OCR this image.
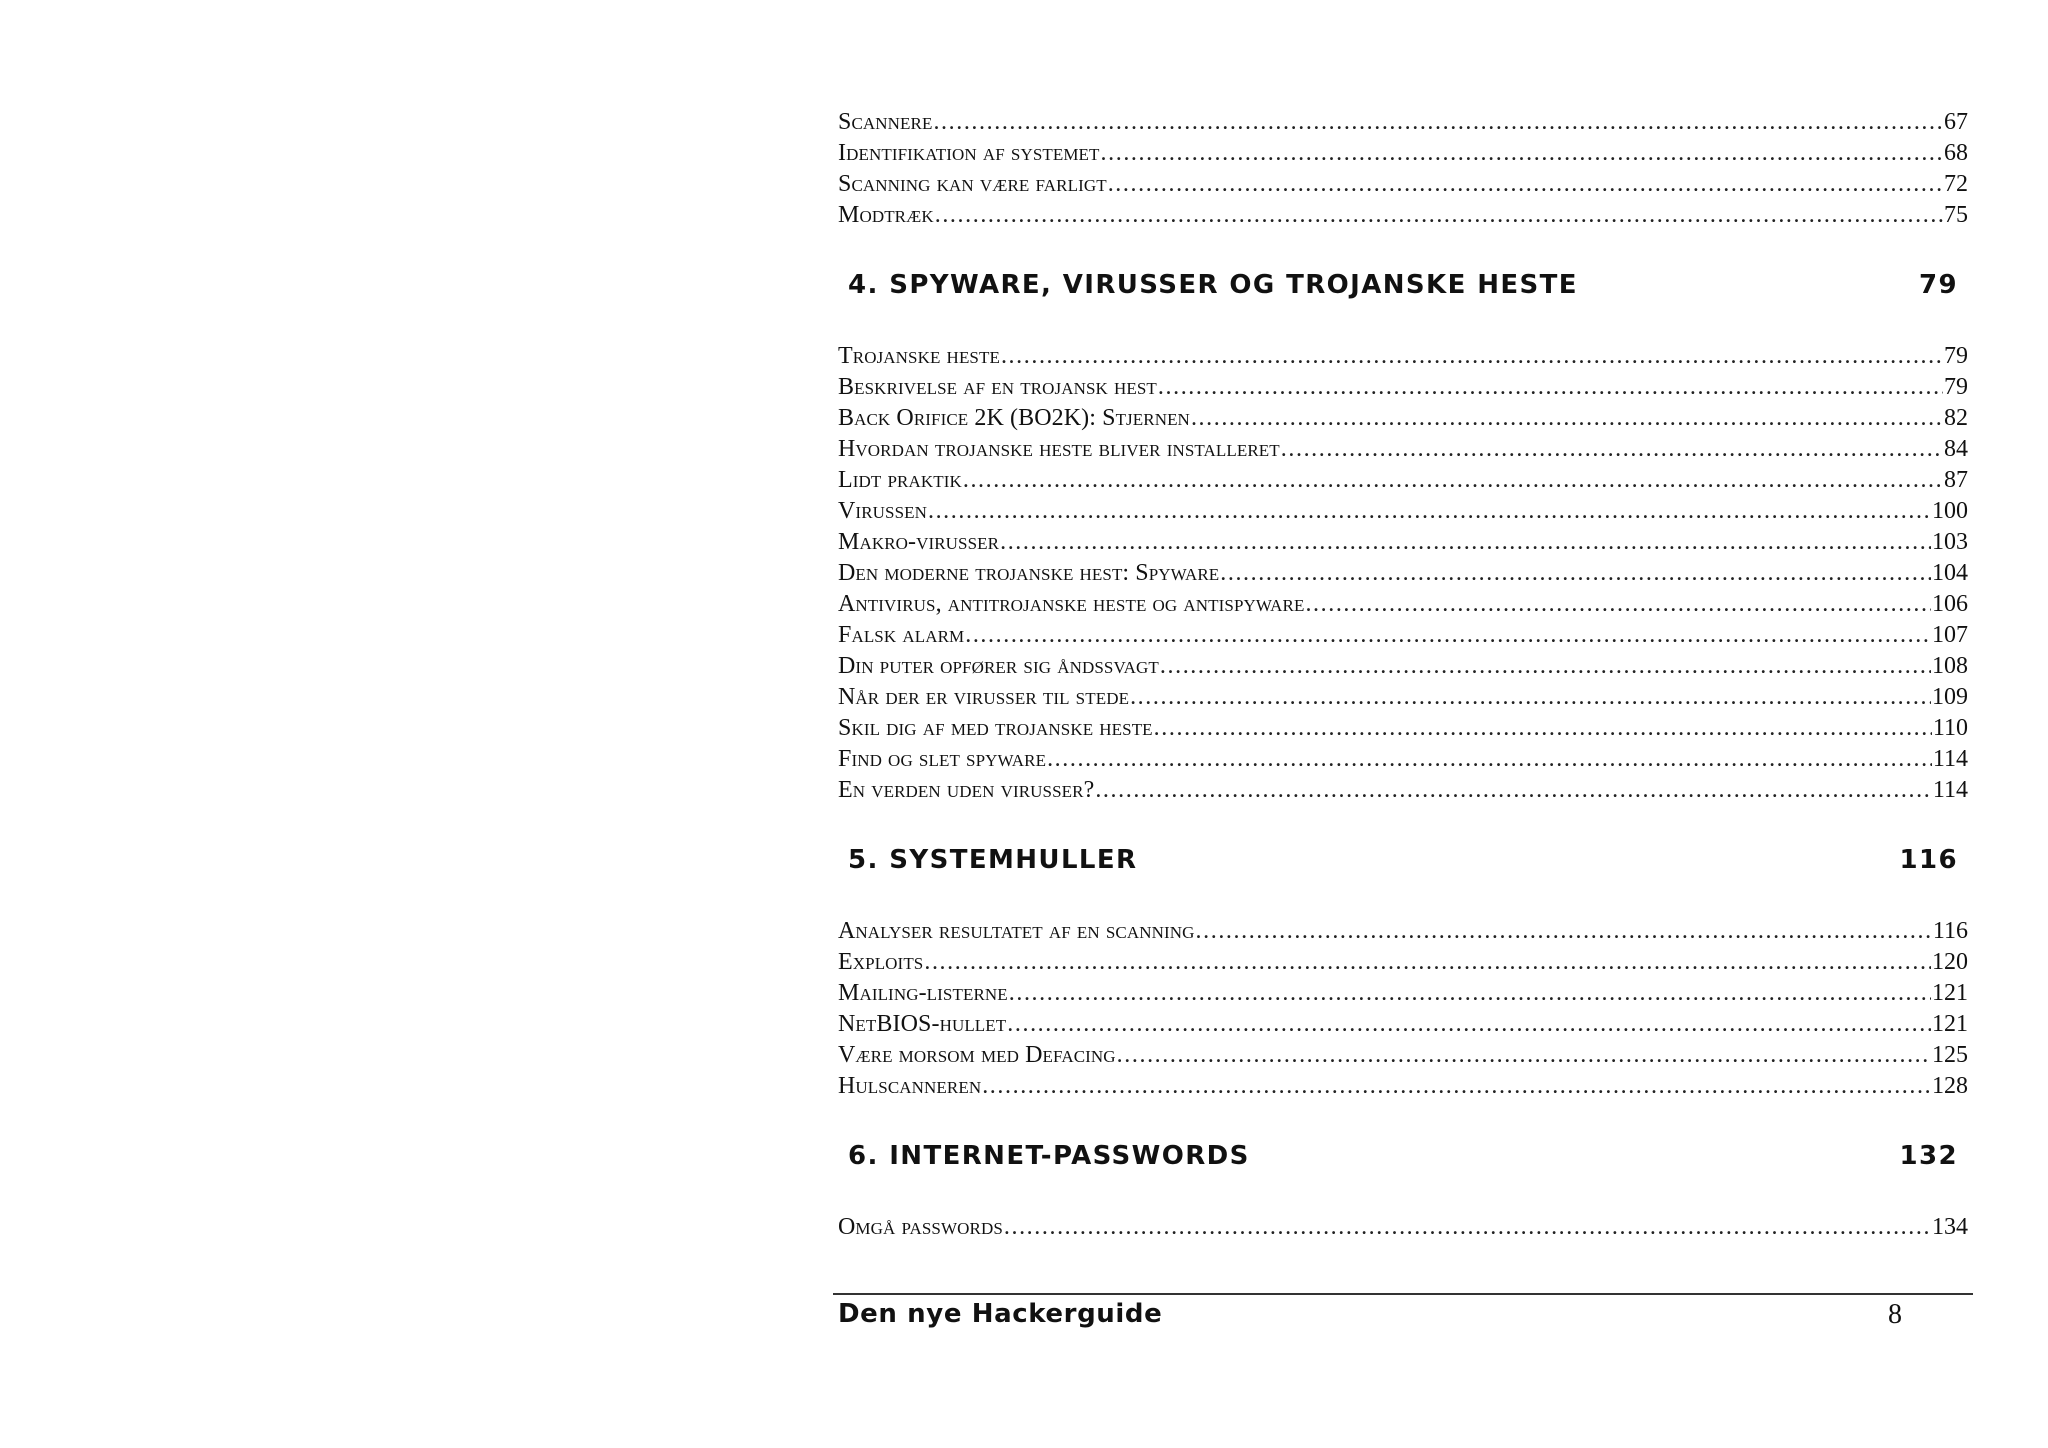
Scannere .....	67
Identifikation af systemet .....	68
Scanning kan være farligt .....	72
Modtræk .....	75
4. SPYWARE, VIRUSSER OG TROJANSKE HESTE	79
Trojanske heste .....	79
Beskrivelse af en trojansk hest .....	79
Back Orifice 2K (BO2K): Stjernen .....	82
Hvordan trojanske heste bliver installeret .....	84
Lidt praktik .....	87
Virussen .....	100
Makro-virusser .....	103
Den moderne trojanske hest: Spyware .....	104
Antivirus, antitrojanske heste og antispyware .....	106
Falsk alarm .....	107
Din puter opfører sig åndssvagt .....	108
Når der er virusser til stede .....	109
Skil dig af med trojanske heste .....	110
Find og slet spyware .....	114
En verden uden virusser? .....	114
5. SYSTEMHULLER	116
Analyser resultatet af en scanning .....	116
Exploits .....	120
Mailing-listerne .....	121
NetBIOS-hullet .....	121
Være morsom med Defacing .....	125
Hulscanneren .....	128
6. INTERNET-PASSWORDS	132
Omgå passwords .....	134
Den nye Hackerguide	8
